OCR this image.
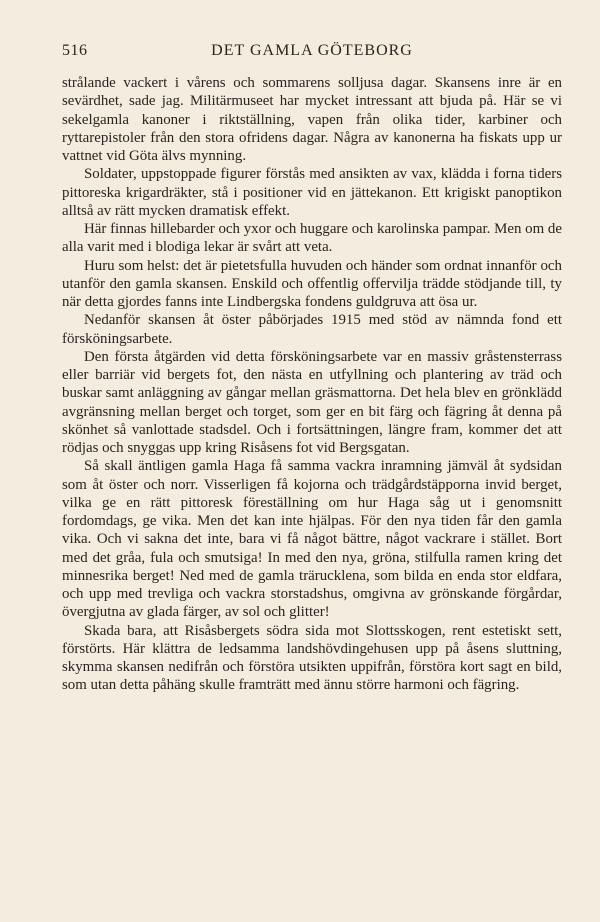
516	DET GAMLA GÖTEBORG

strålande vackert i vårens och sommarens solljusa dagar. Skansens inre är en sevärdhet, sade jag. Militärmuseet har mycket intressant att bjuda på. Här se vi sekelgamla kanoner i riktställning, vapen från olika tider, karbiner och ryttarepistoler från den stora ofridens dagar. Några av kanonerna ha fiskats upp ur vattnet vid Göta älvs mynning.

Soldater, uppstoppade figurer förstås med ansikten av vax, klädda i forna tiders pittoreska krigardräkter, stå i positioner vid en jättekanon. Ett krigiskt panoptikon alltså av rätt mycken dramatisk effekt.

Här finnas hillebarder och yxor och huggare och karolinska pampar. Men om de alla varit med i blodiga lekar är svårt att veta.

Huru som helst: det är pietetsfulla huvuden och händer som ordnat innanför och utanför den gamla skansen. Enskild och offentlig offervilja trädde stödjande till, ty när detta gjordes fanns inte Lindbergska fondens guldgruva att ösa ur.

Nedanför skansen åt öster påbörjades 1915 med stöd av nämnda fond ett försköningsarbete.

Den första åtgärden vid detta försköningsarbete var en massiv gråstensterrass eller barriär vid bergets fot, den nästa en utfyllning och plantering av träd och buskar samt anläggning av gångar mellan gräsmattorna. Det hela blev en grönklädd avgränsning mellan berget och torget, som ger en bit färg och fägring åt denna på skönhet så vanlottade stadsdel. Och i fortsättningen, längre fram, kommer det att rödjas och snyggas upp kring Risåsens fot vid Bergsgatan.

Så skall äntligen gamla Haga få samma vackra inramning jämväl åt sydsidan som åt öster och norr. Visserligen få kojorna och trädgårdstäpporna invid berget, vilka ge en rätt pittoresk föreställning om hur Haga såg ut i genomsnitt fordomdags, ge vika. Men det kan inte hjälpas. För den nya tiden får den gamla vika. Och vi sakna det inte, bara vi få något bättre, något vackrare i stället. Bort med det gråa, fula och smutsiga! In med den nya, gröna, stilfulla ramen kring det minnesrika berget! Ned med de gamla trärucklena, som bilda en enda stor eldfara, och upp med trevliga och vackra storstadshus, omgivna av grönskande förgårdar, övergjutna av glada färger, av sol och glitter!

Skada bara, att Risåsbergets södra sida mot Slottsskogen, rent estetiskt sett, förstörts. Här klättra de ledsamma landshövdingehusen upp på åsens sluttning, skymma skansen nedifrån och förstöra utsikten uppifrån, förstöra kort sagt en bild, som utan detta påhäng skulle framträtt med ännu större harmoni och fägring.
